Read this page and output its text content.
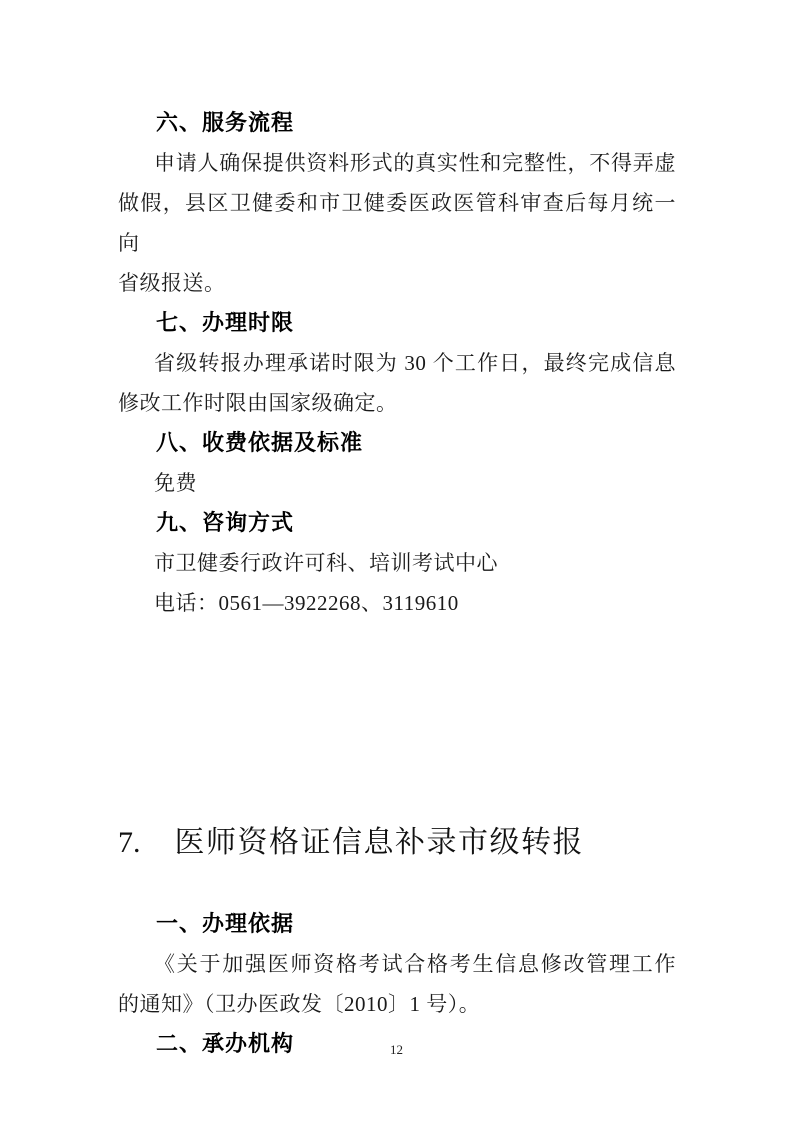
六、服务流程
申请人确保提供资料形式的真实性和完整性，不得弄虚
做假，县区卫健委和市卫健委医政医管科审查后每月统一向
省级报送。
七、办理时限
省级转报办理承诺时限为 30 个工作日，最终完成信息
修改工作时限由国家级确定。
八、收费依据及标准
免费
九、咨询方式
市卫健委行政许可科、培训考试中心
电话：0561—3922268、3119610
7. 医师资格证信息补录市级转报
一、办理依据
《关于加强医师资格考试合格考生信息修改管理工作
的通知》（卫办医政发〔2010〕1 号）。
二、承办机构	12
